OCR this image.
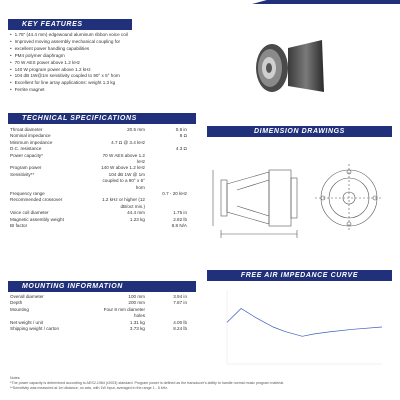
KEY FEATURES
• 1.75" (44.4 mm) edgewound aluminum ribbon voice coil
• Improved moving assembly mechanical coupling for
• excellent power handling capabilities
• PM4 polymer diaphragm
• 70 W AES power above 1.2 kHz
• 140 W program power above 1.2 kHz
• 104 dB 1W@1m sensitivity coupled to 90° x 5° horn
• Excellent for line array applications: weight 1.3 kg
• Ferrite magnet
TECHNICAL SPECIFICATIONS
Throat diameter	20.5 mm	0.8 in
Nominal impedance	8 Ω
Minimum impedance	4.7 Ω @ 3.4 kHz
D.C. resistance	4.3 Ω
Power capacity*	70 W AES above 1.2 kHz
Program power	140 W above 1.2 kHz
Sensitivity**	104 dB 1W @ 1m
coupled to a 90° x 5° horn
Frequency range	0.7 - 20 kHz
Recommended crossover	1.2 kHz or higher (12
dB/oct min.)
Voice coil diameter	44.4 mm	1.75 in
Magnetic assembly weight	1.23 kg	2.82 lb
BI factor	8.8 N/A
DIMENSION DRAWINGS
MOUNTING INFORMATION
Overall diameter	100 mm	3.94 in
Depth	200 mm	7.87 in
Mounting	Four 8 mm diameter holes
Net weight / unit	1.31 kg	4.00 lb
Shipping weight / carton	3.73 kg	8.24 lb
FREE AIR IMPEDANCE CURVE
Notes:
*The power capacity is determined according to AES2-1984 (r2003) standard. Program power is defined as the transducer's ability to handle normal music program material.
**Sensitivity was measured at 1m distance, on axis, with 1W input, averaged in the range 1 - 5 kHz.
